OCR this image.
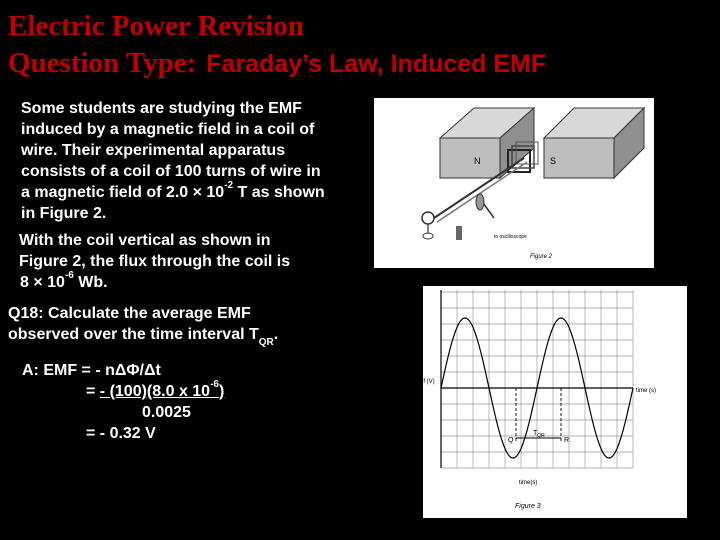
Electric Power Revision
Question Type: Faraday’s Law, Induced EMF
Some students are studying the EMF
induced by a magnetic field in a coil of
wire. Their experimental apparatus
consists of a coil of 100 turns of wire in
a magnetic field of $2.0 \times 10^{-2}$ T as shown
in Figure 2.
With the coil vertical as shown in
Figure 2, the flux through the coil is
$8 \times 10^{-6}$ Wb.
Q18: Calculate the average EMF
observed over the time interval $T_{QR}$.
A: EMF = - nΔΦ/Δt
= - (100)(8.0 x $10^{-6}$)
0.0025
= - 0.32 V
N	S
to oscilloscope
Figure 2
emf (V)
0	time (s)
Q	R
$T_{QR}$
time(s)
Figure 3
